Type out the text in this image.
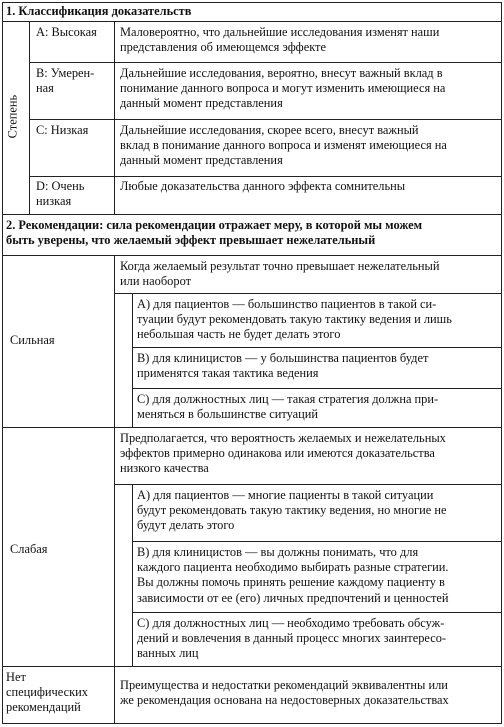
1. Классификация доказательств
Степень
A: Высокая Маловероятно, что дальнейшие исследования изменят наши
представления об имеющемся эффекте
B: Умерен-
ная
Дальнейшие исследования, вероятно, внесут важный вклад в
понимание данного вопроса и могут изменить имеющиеся на
данный момент представления
C: Низкая	Дальнейшие исследования, скорее всего, внесут важный
вклад в понимание данного вопроса и изменят имеющиеся на
данный момент представления
D: Очень
низкая
Любые доказательства данного эффекта сомнительны
2. Рекомендации: сила рекомендации отражает меру, в которой мы можем
быть уверены, что желаемый эффект превышает нежелательный
Сильная
Когда желаемый результат точно превышает нежелательный
или наоборот
А) для пациентов — большинство пациентов в такой си-
туации будут рекомендовать такую тактику ведения и лишь
небольшая часть не будет делать этого
B) для клиницистов — у большинства пациентов будет
применятся такая тактика ведения
С) для должностных лиц — такая стратегия должна при-
меняться в большинстве ситуаций
Слабая
Предполагается, что вероятность желаемых и нежелательных
эффектов примерно одинакова или имеются доказательства
низкого качества
А) для пациентов — многие пациенты в такой ситуации
будут рекомендовать такую тактику ведения, но многие не
будут делать этого
B) для клиницистов — вы должны понимать, что для
каждого пациента необходимо выбирать разные стратегии.
Вы должны помочь принять решение каждому пациенту в
зависимости от ее (его) личных предпочтений и ценностей
С) для должностных лиц — необходимо требовать обсуж-
дений и вовлечения в данный процесс многих заинтересо-
ванных лиц
Нет
специфических
рекомендаций
Преимущества и недостатки рекомендаций эквивалентны или
же рекомендация основана на недостоверных доказательствах
